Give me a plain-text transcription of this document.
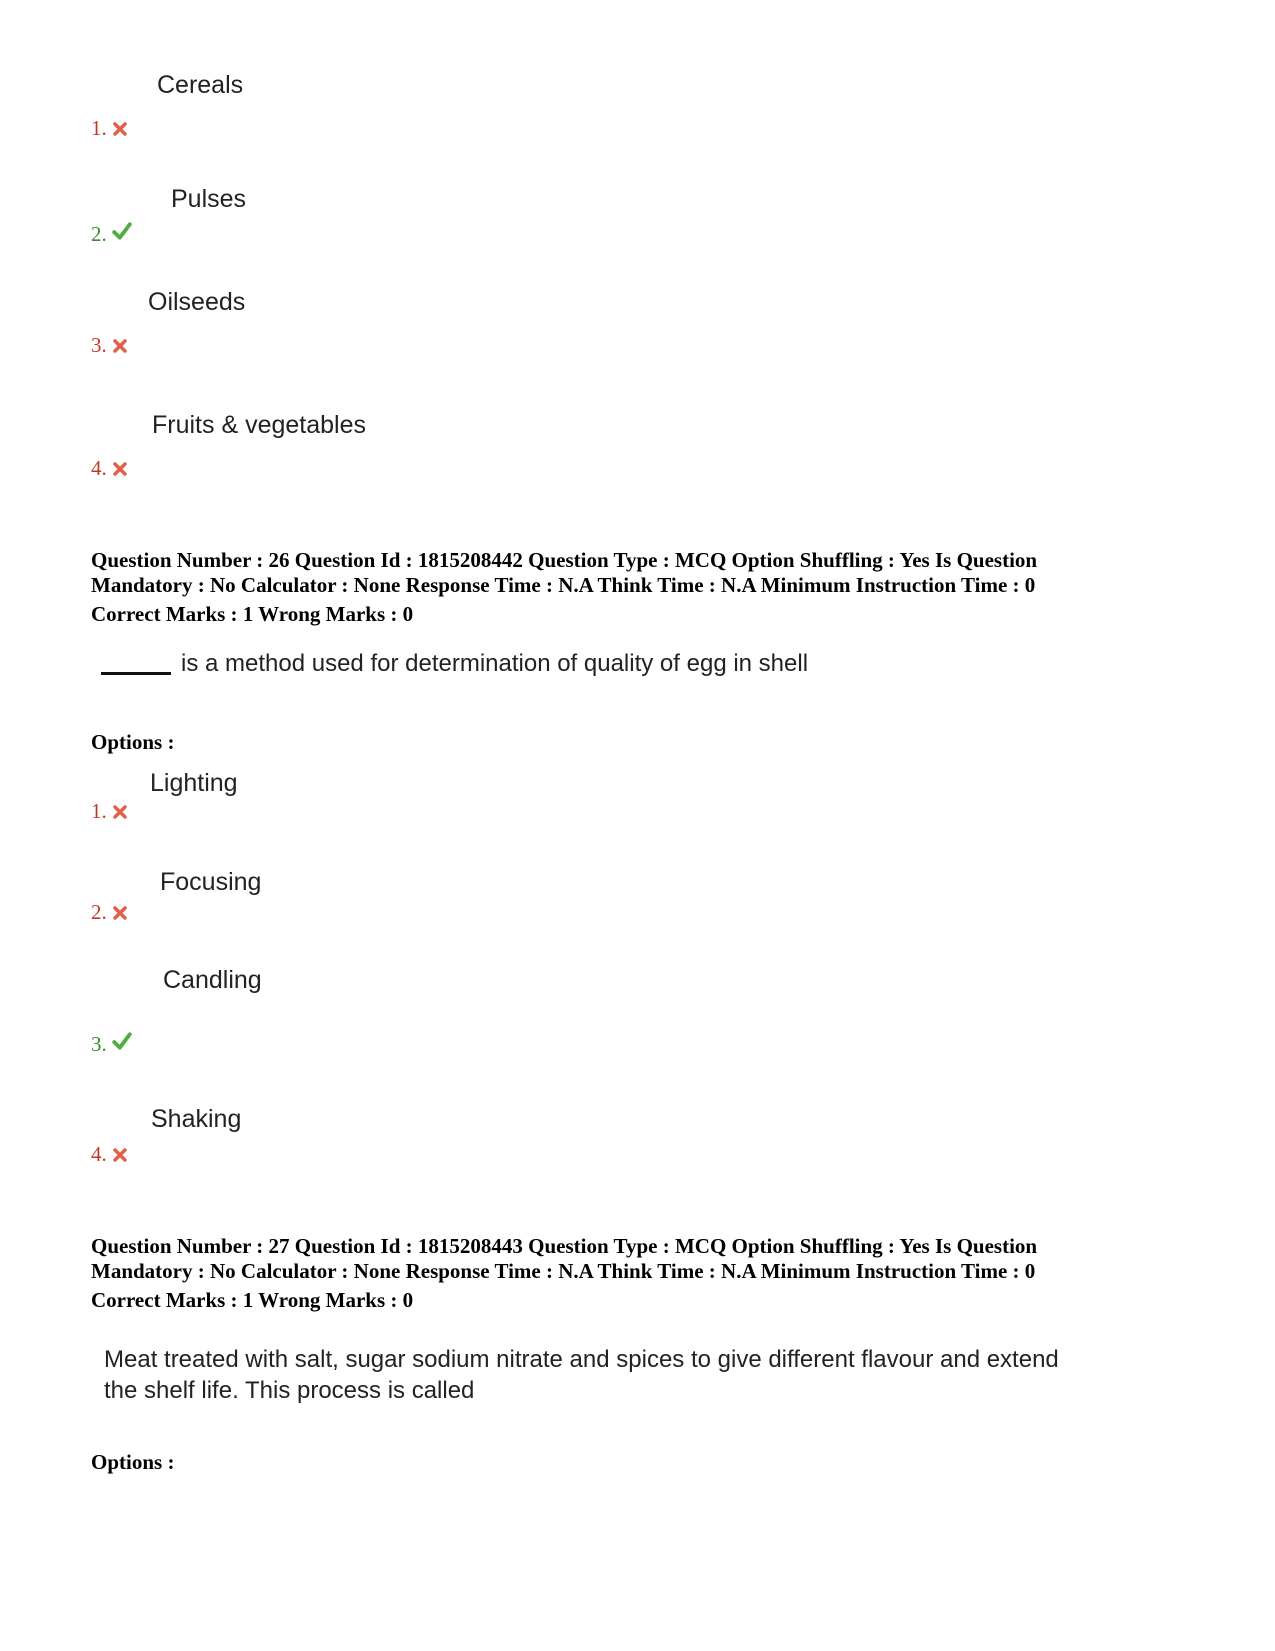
Cereals
1.
Pulses
2.
Oilseeds
3.
Fruits & vegetables
4.
Question Number : 26 Question Id : 1815208442 Question Type : MCQ Option Shuffling : Yes Is Question
Mandatory : No Calculator : None Response Time : N.A Think Time : N.A Minimum Instruction Time : 0
Correct Marks : 1 Wrong Marks : 0
is a method used for determination of quality of egg in shell
Options :
Lighting
1.
Focusing
2.
Candling
3.
Shaking
4.
Question Number : 27 Question Id : 1815208443 Question Type : MCQ Option Shuffling : Yes Is Question
Mandatory : No Calculator : None Response Time : N.A Think Time : N.A Minimum Instruction Time : 0
Correct Marks : 1 Wrong Marks : 0
Meat treated with salt, sugar sodium nitrate and spices to give different flavour and extend
the shelf life. This process is called
Options :
